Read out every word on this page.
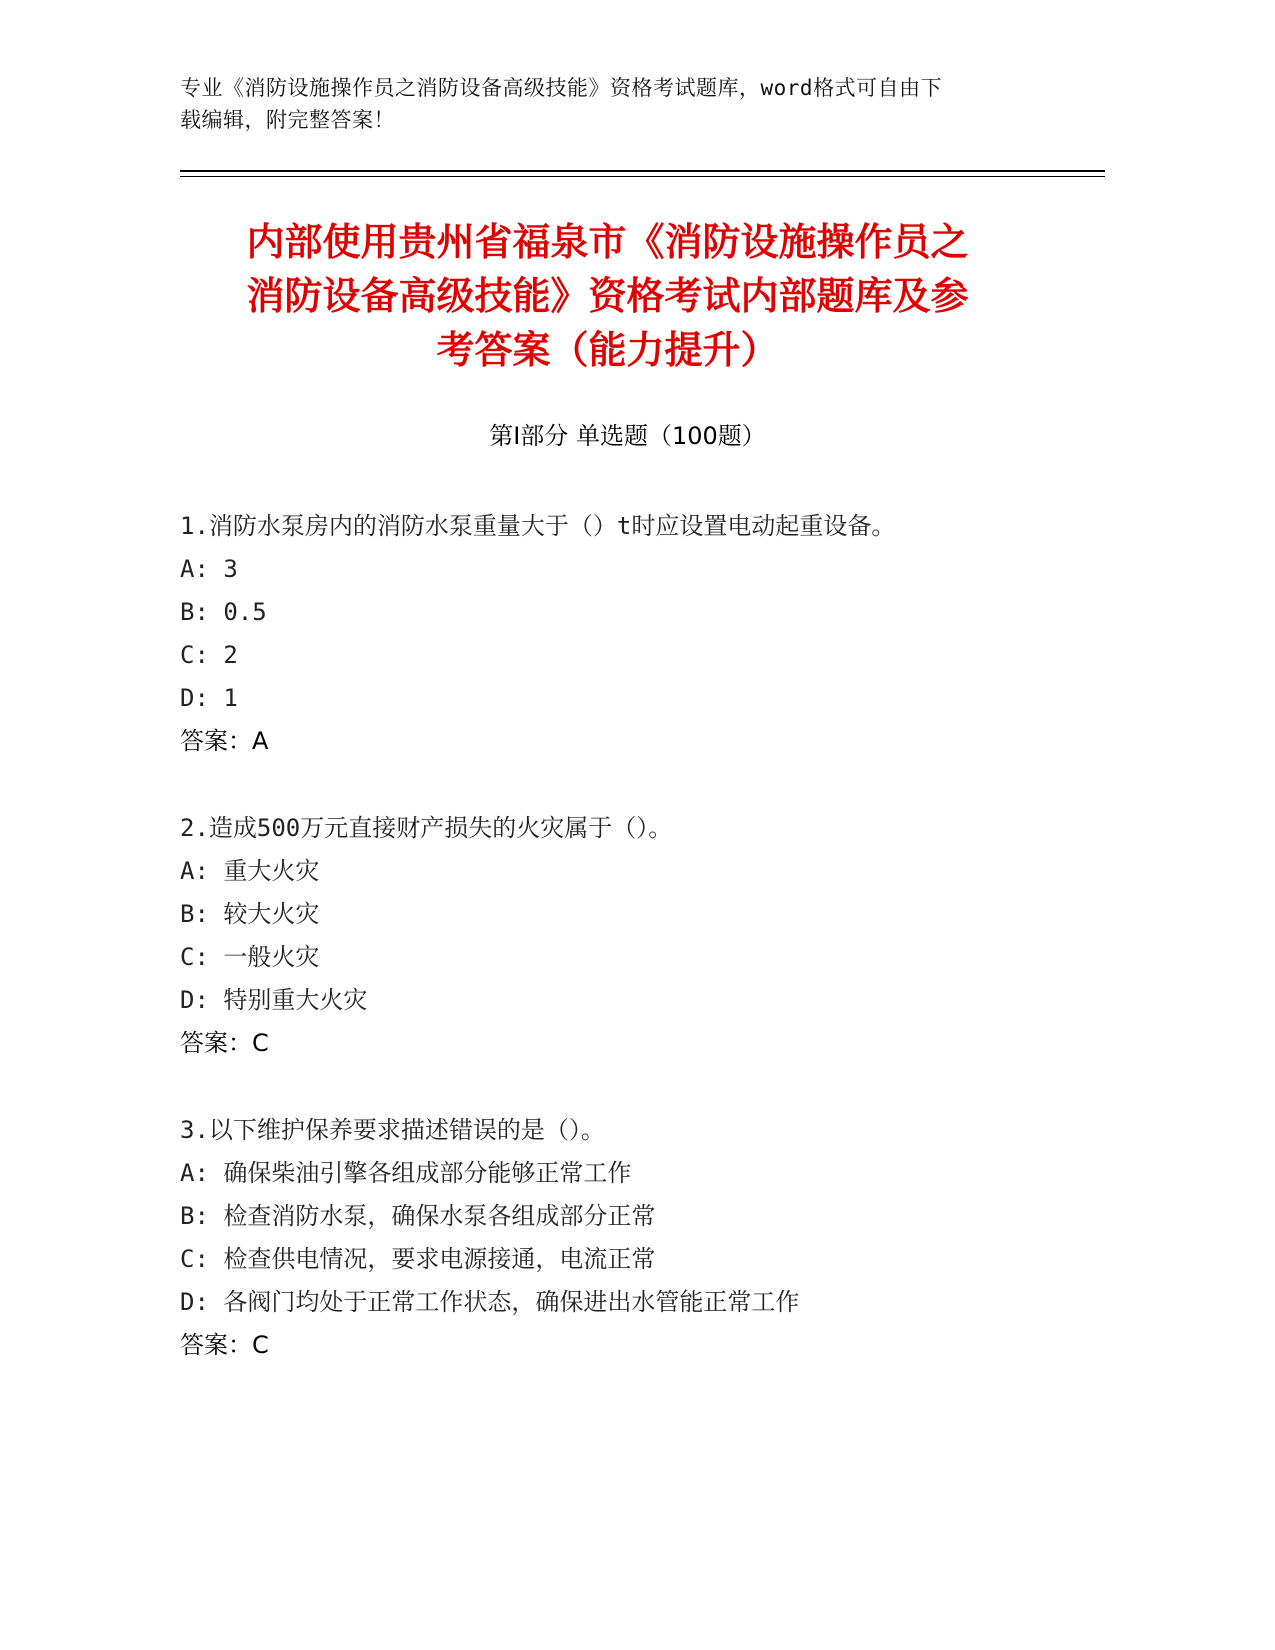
专业《消防设施操作员之消防设备高级技能》资格考试题库，word格式可自由下
载编辑，附完整答案！
内部使用贵州省福泉市《消防设施操作员之
消防设备高级技能》资格考试内部题库及参
考答案（能力提升）
第Ⅰ部分 单选题（100题）
1.消防水泵房内的消防水泵重量大于（）t时应设置电动起重设备。
A: 3
B: 0.5
C: 2
D: 1
答案：A
2.造成500万元直接财产损失的火灾属于（）。
A: 重大火灾
B: 较大火灾
C: 一般火灾
D: 特别重大火灾
答案：C
3.以下维护保养要求描述错误的是（）。
A: 确保柴油引擎各组成部分能够正常工作
B: 检查消防水泵，确保水泵各组成部分正常
C: 检查供电情况，要求电源接通，电流正常
D: 各阀门均处于正常工作状态，确保进出水管能正常工作
答案：C
